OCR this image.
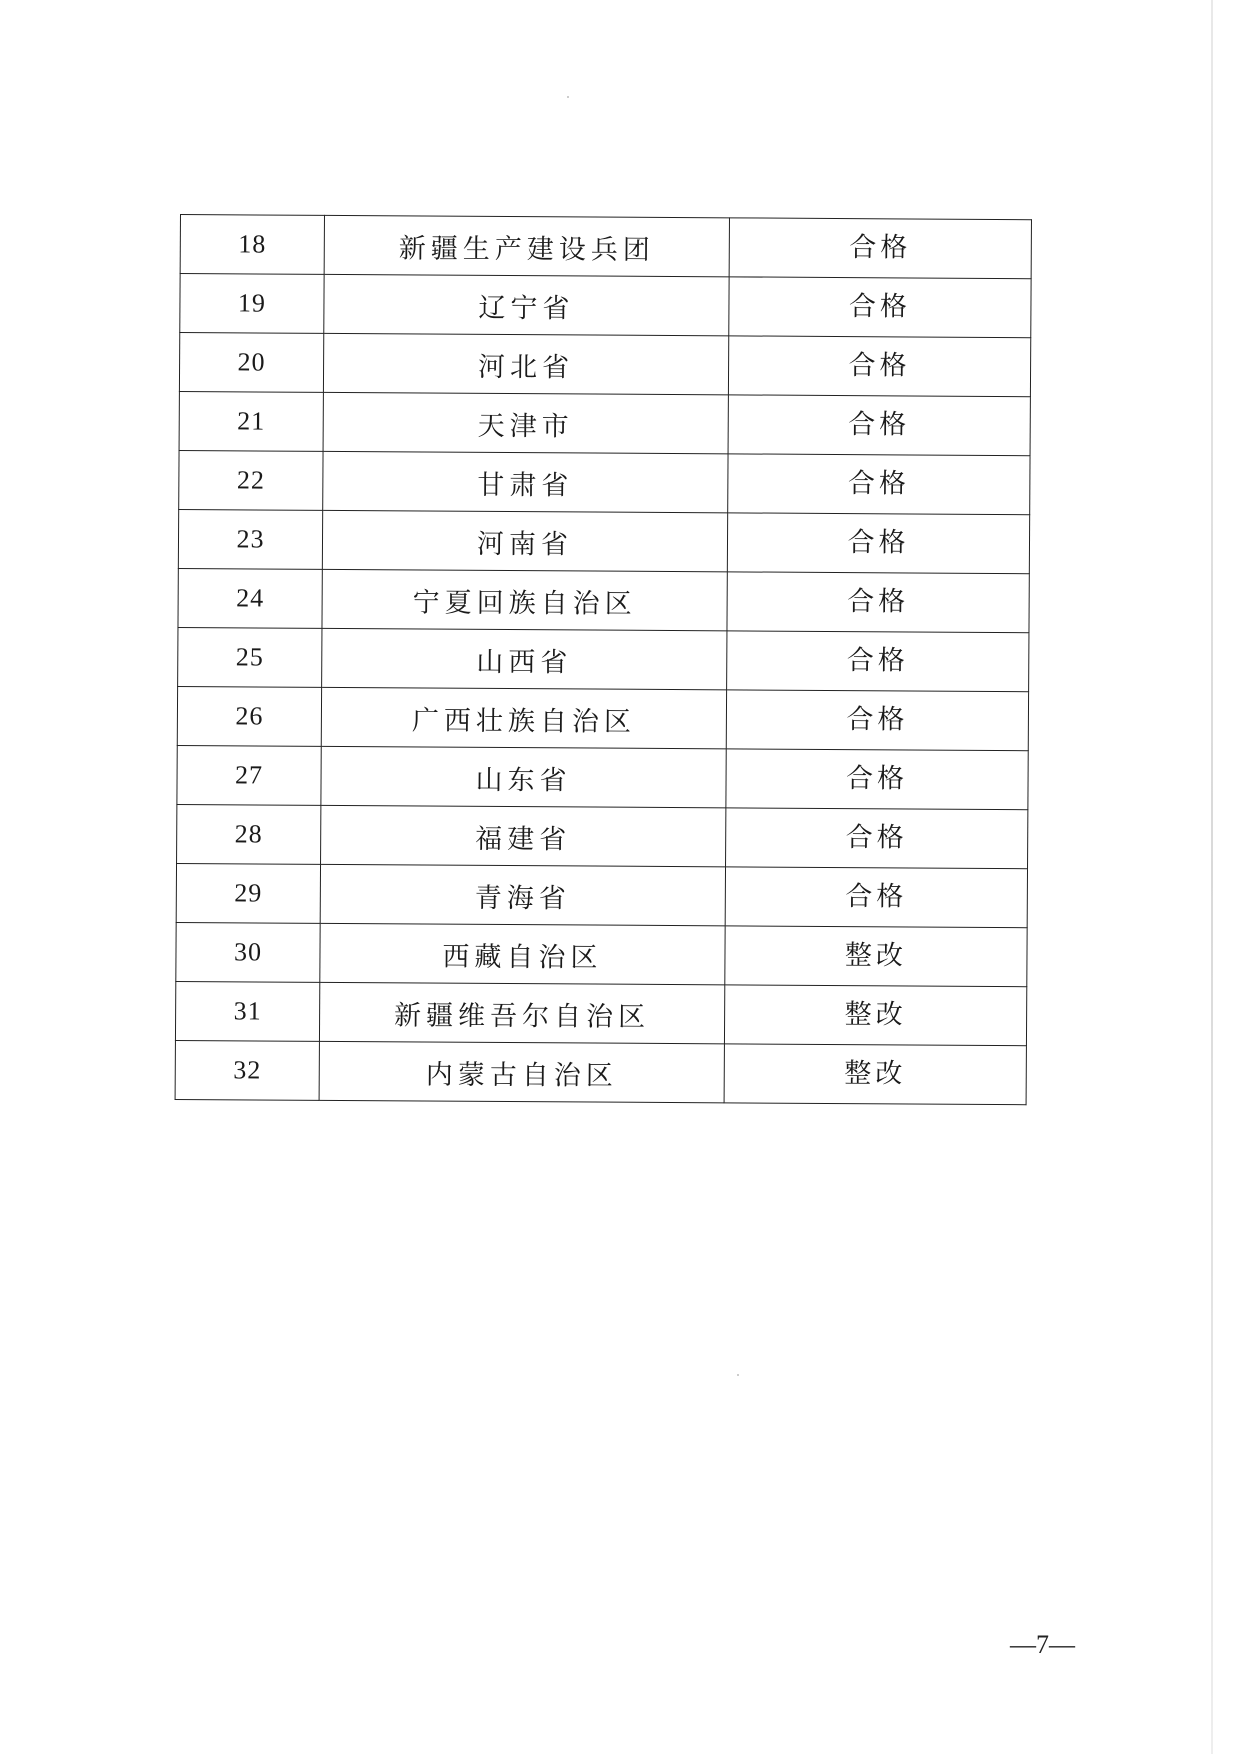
18	新疆生产建设兵团	合格
19	辽宁省	合格
20	河北省	合格
21	天津市	合格
22	甘肃省	合格
23	河南省	合格
24	宁夏回族自治区	合格
25	山西省	合格
26	广西壮族自治区	合格
27	山东省	合格
28	福建省	合格
29	青海省	合格
30	西藏自治区	整改
31	新疆维吾尔自治区	整改
32	内蒙古自治区	整改
—7—
